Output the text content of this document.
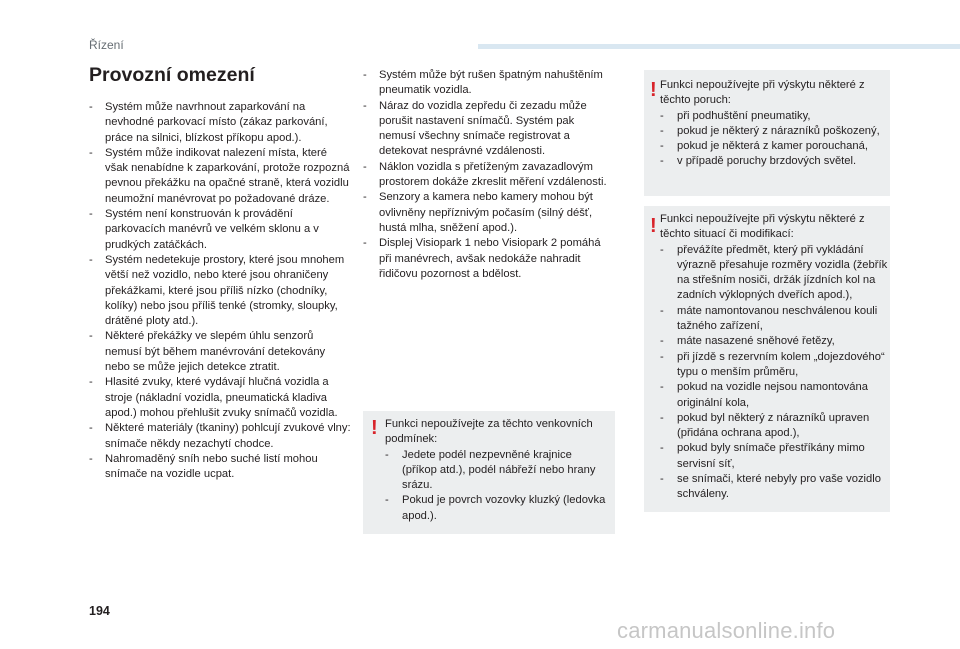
Řízení
Provozní omezení
- Systém může navrhnout zaparkování na nevhodné parkovací místo (zákaz parkování, práce na silnici, blízkost příkopu apod.).
- Systém může indikovat nalezení místa, které však nenabídne k zaparkování, protože rozpozná pevnou překážku na opačné straně, která vozidlu neumožní manévrovat po požadované dráze.
- Systém není konstruován k provádění parkovacích manévrů ve velkém sklonu a v prudkých zatáčkách.
- Systém nedetekuje prostory, které jsou mnohem větší než vozidlo, nebo které jsou ohraničeny překážkami, které jsou příliš nízko (chodníky, kolíky) nebo jsou příliš tenké (stromky, sloupky, drátěné ploty atd.).
- Některé překážky ve slepém úhlu senzorů nemusí být během manévrování detekovány nebo se může jejich detekce ztratit.
- Hlasité zvuky, které vydávají hlučná vozidla a stroje (nákladní vozidla, pneumatická kladiva apod.) mohou přehlušit zvuky snímačů vozidla.
- Některé materiály (tkaniny) pohlcují zvukové vlny: snímače někdy nezachytí chodce.
- Nahromaděný sníh nebo suché listí mohou snímače na vozidle ucpat.
- Systém může být rušen špatným nahuštěním pneumatik vozidla.
- Náraz do vozidla zepředu či zezadu může porušit nastavení snímačů. Systém pak nemusí všechny snímače registrovat a detekovat nesprávné vzdálenosti.
- Náklon vozidla s přetíženým zavazadlovým prostorem dokáže zkreslit měření vzdálenosti.
- Senzory a kamera nebo kamery mohou být ovlivněny nepříznivým počasím (silný déšť, hustá mlha, sněžení apod.).
- Displej Visiopark 1 nebo Visiopark 2 pomáhá při manévrech, avšak nedokáže nahradit řidičovu pozornost a bdělost.
! Funkci nepoužívejte za těchto venkovních podmínek:
- Jedete podél nezpevněné krajnice (příkop atd.), podél nábřeží nebo hrany srázu.
- Pokud je povrch vozovky kluzký (ledovka apod.).
! Funkci nepoužívejte při výskytu některé z těchto poruch:
- při podhuštění pneumatiky,
- pokud je některý z nárazníků poškozený,
- pokud je některá z kamer porouchaná,
- v případě poruchy brzdových světel.
! Funkci nepoužívejte při výskytu některé z těchto situací či modifikací:
- převážíte předmět, který při vykládání výrazně přesahuje rozměry vozidla (žebřík na střešním nosiči, držák jízdních kol na zadních výklopných dveřích apod.),
- máte namontovanou neschválenou kouli tažného zařízení,
- máte nasazené sněhové řetězy,
- při jízdě s rezervním kolem „dojezdového“ typu o menším průměru,
- pokud na vozidle nejsou namontována originální kola,
- pokud byl některý z nárazníků upraven (přidána ochrana apod.),
- pokud byly snímače přestříkány mimo servisní síť,
- se snímači, které nebyly pro vaše vozidlo schváleny.
194
carmanualsonline.info
